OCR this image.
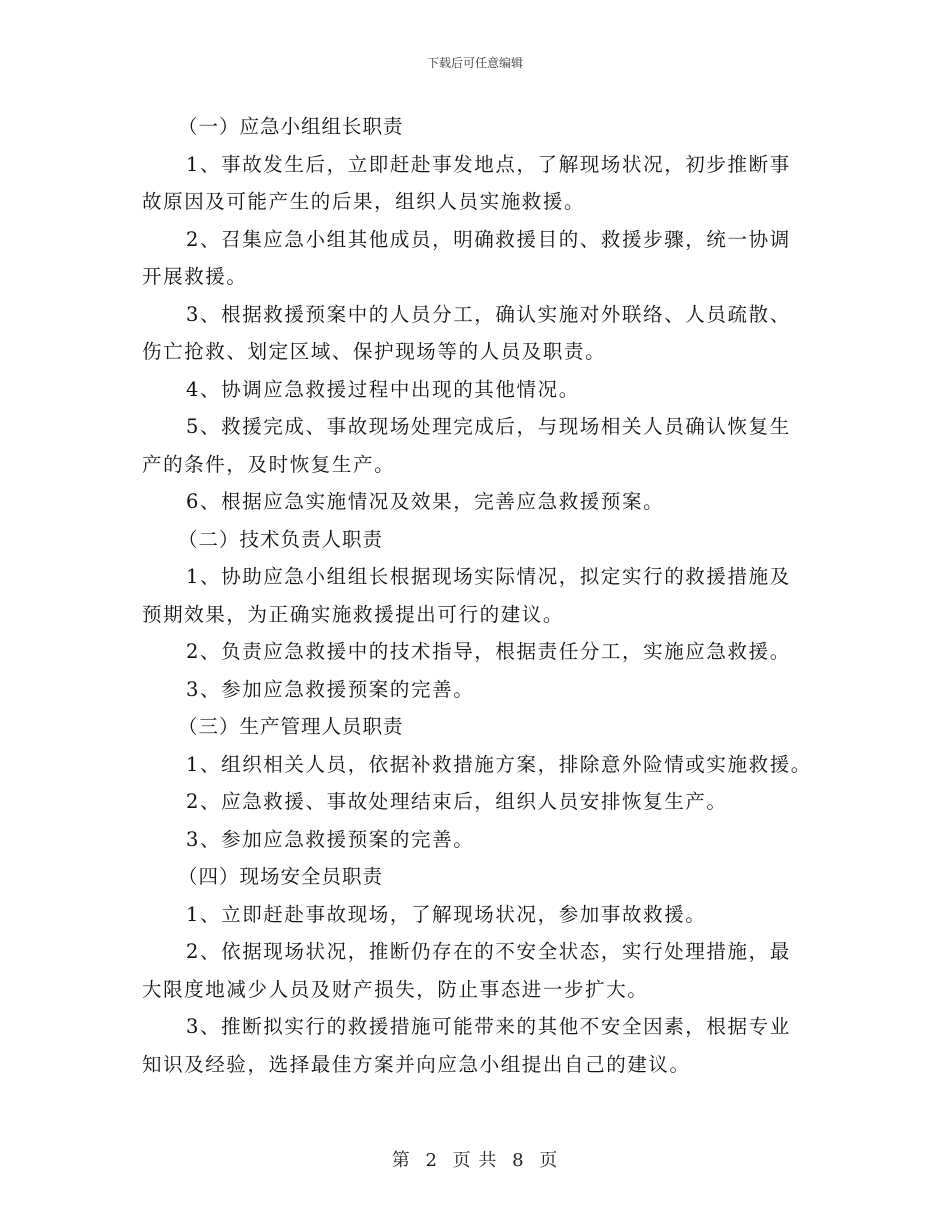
下载后可任意编辑
（一）应急小组组长职责
1、事故发生后，立即赶赴事发地点，了解现场状况，初步推断事
故原因及可能产生的后果，组织人员实施救援。
2、召集应急小组其他成员，明确救援目的、救援步骤，统一协调
开展救援。
3、根据救援预案中的人员分工，确认实施对外联络、人员疏散、
伤亡抢救、划定区域、保护现场等的人员及职责。
4、协调应急救援过程中出现的其他情况。
5、救援完成、事故现场处理完成后，与现场相关人员确认恢复生
产的条件，及时恢复生产。
6、根据应急实施情况及效果，完善应急救援预案。
（二）技术负责人职责
1、协助应急小组组长根据现场实际情况，拟定实行的救援措施及
预期效果，为正确实施救援提出可行的建议。
2、负责应急救援中的技术指导，根据责任分工，实施应急救援。
3、参加应急救援预案的完善。
（三）生产管理人员职责
1、组织相关人员，依据补救措施方案，排除意外险情或实施救援。
2、应急救援、事故处理结束后，组织人员安排恢复生产。
3、参加应急救援预案的完善。
（四）现场安全员职责
1、立即赶赴事故现场，了解现场状况，参加事故救援。
2、依据现场状况，推断仍存在的不安全状态，实行处理措施，最
大限度地减少人员及财产损失，防止事态进一步扩大。
3、推断拟实行的救援措施可能带来的其他不安全因素，根据专业
知识及经验，选择最佳方案并向应急小组提出自己的建议。
第 2 页 共 8 页
